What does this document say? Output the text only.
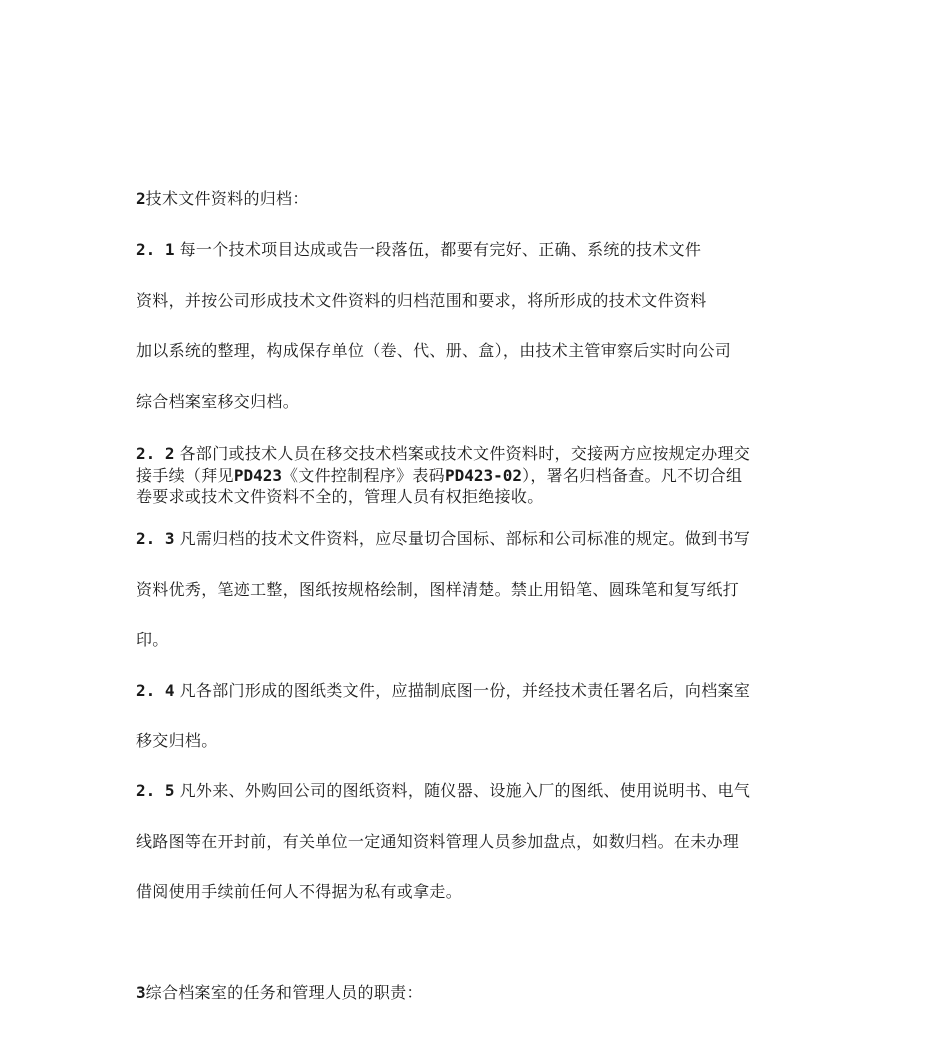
2技术文件资料的归档：
2. 1 每一个技术项目达成或告一段落伍，都要有完好、正确、系统的技术文件
资料，并按公司形成技术文件资料的归档范围和要求，将所形成的技术文件资料
加以系统的整理，构成保存单位（卷、代、册、盒），由技术主管审察后实时向公司
综合档案室移交归档。
2. 2 各部门或技术人员在移交技术档案或技术文件资料时，交接两方应按规定办理交
接手续（拜见PD423《文件控制程序》表码PD423-02），署名归档备查。凡不切合组
卷要求或技术文件资料不全的，管理人员有权拒绝接收。
2. 3 凡需归档的技术文件资料，应尽量切合国标、部标和公司标准的规定。做到书写
资料优秀，笔迹工整，图纸按规格绘制，图样清楚。禁止用铅笔、圆珠笔和复写纸打
印。
2. 4 凡各部门形成的图纸类文件，应描制底图一份，并经技术责任署名后，向档案室
移交归档。
2. 5 凡外来、外购回公司的图纸资料，随仪器、设施入厂的图纸、使用说明书、电气
线路图等在开封前，有关单位一定通知资料管理人员参加盘点，如数归档。在未办理
借阅使用手续前任何人不得据为私有或拿走。
3综合档案室的任务和管理人员的职责：
